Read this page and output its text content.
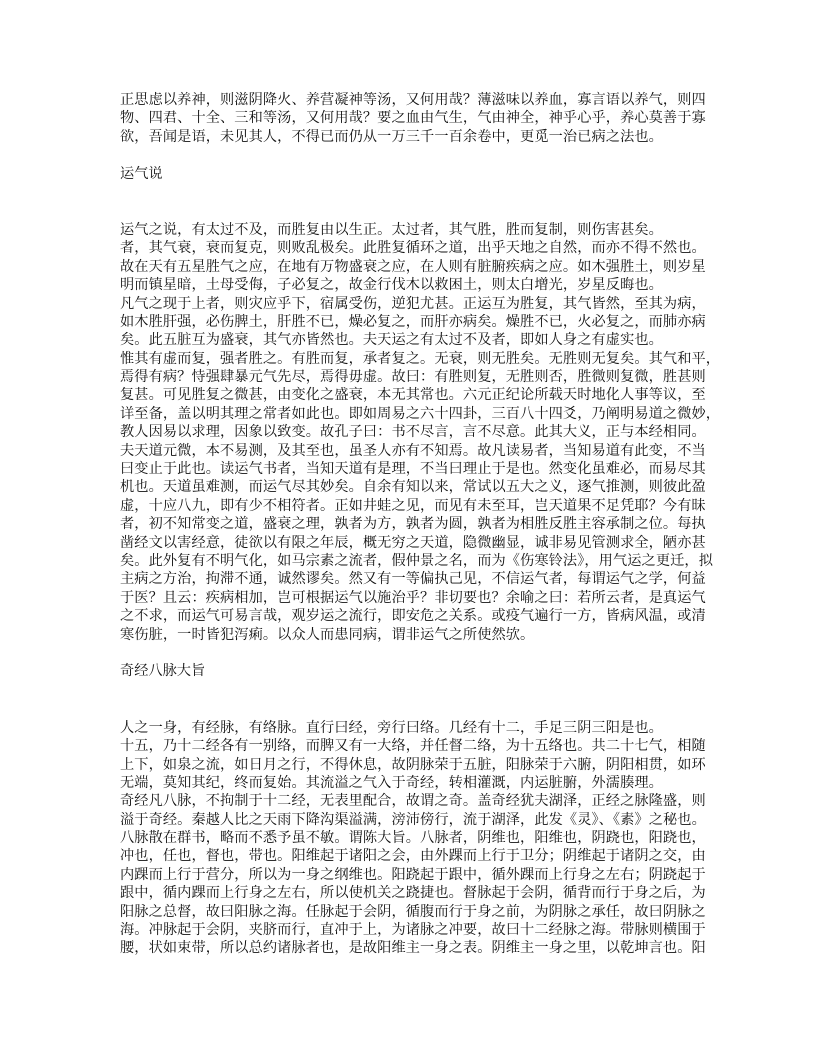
正思虑以养神，则滋阴降火、养营凝神等汤，又何用哉？薄滋味以养血，寡言语以养气，则四
物、四君、十全、三和等汤，又何用哉？要之血由气生，气由神全，神乎心乎，养心莫善于寡
欲，吾闻是语，未见其人，不得已而仍从一万三千一百余卷中，更觅一治已病之法也。
运气说
运气之说，有太过不及，而胜复由以生正。太过者，其气胜，胜而复制，则伤害甚矣。
者，其气衰，衰而复克，则败乱极矣。此胜复循环之道，出乎天地之自然，而亦不得不然也。
故在天有五星胜气之应，在地有万物盛衰之应，在人则有脏腑疾病之应。如木强胜土，则岁星
明而镇星暗，土母受侮，子必复之，故金行伐木以救困土，则太白增光，岁星反晦也。
凡气之现于上者，则灾应乎下，宿属受伤，逆犯尤甚。正运互为胜复，其气皆然，至其为病，
如木胜肝强，必伤脾土，肝胜不已，燥必复之，而肝亦病矣。燥胜不已，火必复之，而肺亦病
矣。此五脏互为盛衰，其气亦皆然也。夫天运之有太过不及者，即如人身之有虚实也。
惟其有虚而复，强者胜之。有胜而复，承者复之。无衰，则无胜矣。无胜则无复矣。其气和平，
焉得有病？恃强肆暴元气先尽，焉得毋虚。故曰：有胜则复，无胜则否，胜微则复微，胜甚则
复甚。可见胜复之微甚，由变化之盛衰，本无其常也。六元正纪论所载天时地化人事等议，至
详至备，盖以明其理之常者如此也。即如周易之六十四卦，三百八十四爻，乃阐明易道之微妙，
教人因易以求理，因象以致变。故孔子曰：书不尽言，言不尽意。此其大义，正与本经相同。
夫天道元微，本不易测，及其至也，虽圣人亦有不知焉。故凡读易者，当知易道有此变，不当
曰变止于此也。读运气书者，当知天道有是理，不当曰理止于是也。然变化虽难必，而易尽其
机也。天道虽难测，而运气尽其妙矣。自余有知以来，常试以五大之义，逐气推测，则彼此盈
虚，十应八九，即有少不相符者。正如井蛙之见，而见有未至耳，岂天道果不足凭耶？今有昧
者，初不知常变之道，盛衰之理，孰者为方，孰者为圆，孰者为相胜反胜主容承制之位。每执
凿经文以害经意，徒欲以有限之年辰，概无穷之天道，隐微幽显，诚非易见管测求全，陋亦甚
矣。此外复有不明气化，如马宗素之流者，假仲景之名，而为《伤寒铃法》，用气运之更迁，拟
主病之方治，拘滞不通，诚然谬矣。然又有一等偏执己见，不信运气者，每谓运气之学，何益
于医？且云：疾病相加，岂可根据运气以施治乎？非切要也？余喻之曰：若所云者，是真运气
之不求，而运气可易言哉，观岁运之流行，即安危之关系。或疫气遍行一方，皆病风温，或清
寒伤脏，一时皆犯泻痢。以众人而患同病，谓非运气之所使然欤。
奇经八脉大旨
人之一身，有经脉，有络脉。直行曰经，旁行曰络。几经有十二，手足三阴三阳是也。
十五，乃十二经各有一别络，而脾又有一大络，并任督二络，为十五络也。共二十七气，相随
上下，如泉之流，如日月之行，不得休息，故阴脉荣于五脏，阳脉荣于六腑，阴阳相贯，如环
无端，莫知其纪，终而复始。其流溢之气入于奇经，转相灌溉，内运脏腑，外濡腠理。
奇经凡八脉，不拘制于十二经，无表里配合，故谓之奇。盖奇经犹夫湖泽，正经之脉隆盛，则
溢于奇经。秦越人比之天雨下降沟渠溢满，滂沛傍行，流于湖泽，此发《灵》、《素》之秘也。
八脉散在群书，略而不悉予虽不敏。谓陈大旨。八脉者，阴维也，阳维也，阴跷也，阳跷也，
冲也，任也，督也，带也。阳维起于诸阳之会，由外踝而上行于卫分；阴维起于诸阴之交，由
内踝而上行于营分，所以为一身之纲维也。阳跷起于跟中，循外踝而上行身之左右；阴跷起于
跟中，循内踝而上行身之左右，所以使机关之跷捷也。督脉起于会阴，循背而行于身之后，为
阳脉之总督，故曰阳脉之海。任脉起于会阴，循腹而行于身之前，为阴脉之承任，故曰阴脉之
海。冲脉起于会阴，夹脐而行，直冲于上，为诸脉之冲要，故曰十二经脉之海。带脉则横围于
腰，状如束带，所以总约诸脉者也，是故阳维主一身之表。阴维主一身之里，以乾坤言也。阳
